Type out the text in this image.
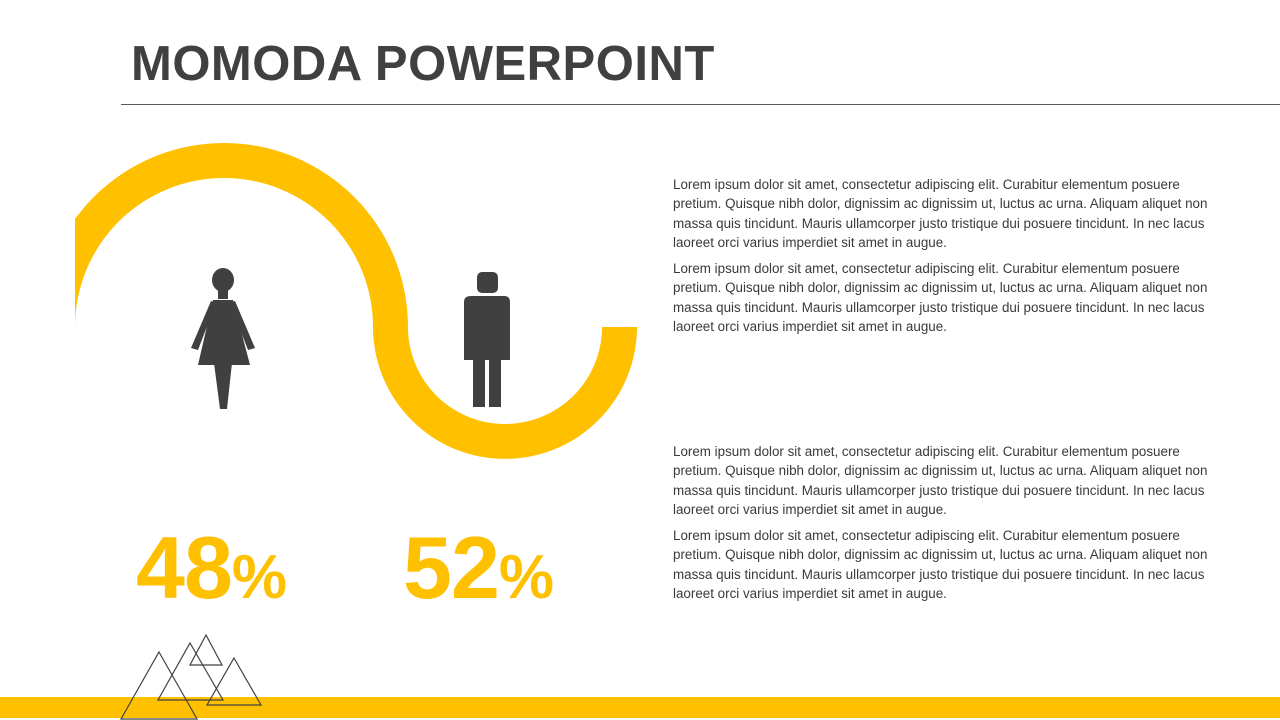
MOMODA POWERPOINT
48% 52%

Lorem ipsum dolor sit amet, consectetur adipiscing elit. Curabitur elementum posuere pretium. Quisque nibh dolor, dignissim ac dignissim ut, luctus ac urna. Aliquam aliquet non massa quis tincidunt. Mauris ullamcorper justo tristique dui posuere tincidunt. In nec lacus laoreet orci varius imperdiet sit amet in augue.

Lorem ipsum dolor sit amet, consectetur adipiscing elit. Curabitur elementum posuere pretium. Quisque nibh dolor, dignissim ac dignissim ut, luctus ac urna. Aliquam aliquet non massa quis tincidunt. Mauris ullamcorper justo tristique dui posuere tincidunt. In nec lacus laoreet orci varius imperdiet sit amet in augue.

Lorem ipsum dolor sit amet, consectetur adipiscing elit. Curabitur elementum posuere pretium. Quisque nibh dolor, dignissim ac dignissim ut, luctus ac urna. Aliquam aliquet non massa quis tincidunt. Mauris ullamcorper justo tristique dui posuere tincidunt. In nec lacus laoreet orci varius imperdiet sit amet in augue.

Lorem ipsum dolor sit amet, consectetur adipiscing elit. Curabitur elementum posuere pretium. Quisque nibh dolor, dignissim ac dignissim ut, luctus ac urna. Aliquam aliquet non massa quis tincidunt. Mauris ullamcorper justo tristique dui posuere tincidunt. In nec lacus laoreet orci varius imperdiet sit amet in augue.
